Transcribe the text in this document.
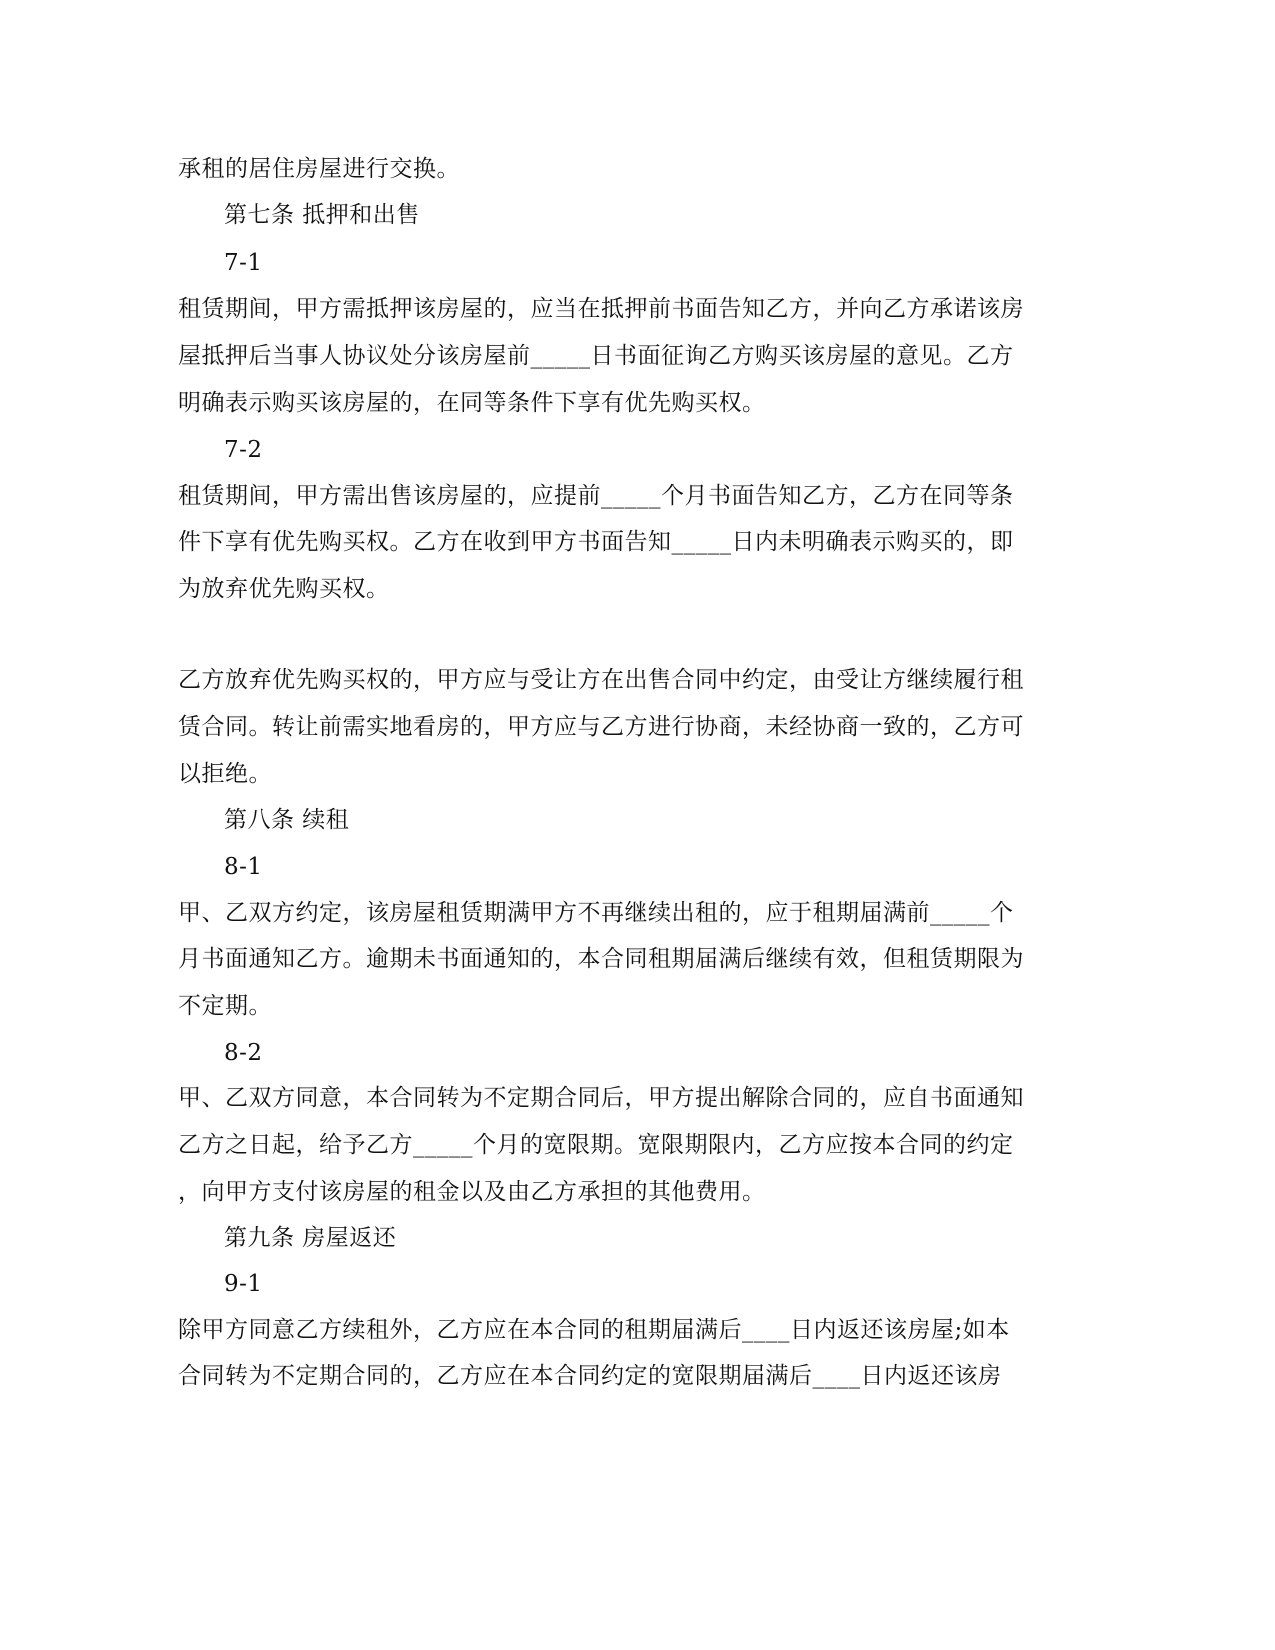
承租的居住房屋进行交换。
第七条 抵押和出售
7-1
租赁期间，甲方需抵押该房屋的，应当在抵押前书面告知乙方，并向乙方承诺该房
屋抵押后当事人协议处分该房屋前_____日书面征询乙方购买该房屋的意见。乙方
明确表示购买该房屋的，在同等条件下享有优先购买权。
7-2
租赁期间，甲方需出售该房屋的，应提前_____个月书面告知乙方，乙方在同等条
件下享有优先购买权。乙方在收到甲方书面告知_____日内未明确表示购买的，即
为放弃优先购买权。
乙方放弃优先购买权的，甲方应与受让方在出售合同中约定，由受让方继续履行租
赁合同。转让前需实地看房的，甲方应与乙方进行协商，未经协商一致的，乙方可
以拒绝。
第八条 续租
8-1
甲、乙双方约定，该房屋租赁期满甲方不再继续出租的，应于租期届满前_____个
月书面通知乙方。逾期未书面通知的，本合同租期届满后继续有效，但租赁期限为
不定期。
8-2
甲、乙双方同意，本合同转为不定期合同后，甲方提出解除合同的，应自书面通知
乙方之日起，给予乙方_____个月的宽限期。宽限期限内，乙方应按本合同的约定
，向甲方支付该房屋的租金以及由乙方承担的其他费用。
第九条 房屋返还
9-1
除甲方同意乙方续租外，乙方应在本合同的租期届满后____日内返还该房屋;如本
合同转为不定期合同的，乙方应在本合同约定的宽限期届满后____日内返还该房
